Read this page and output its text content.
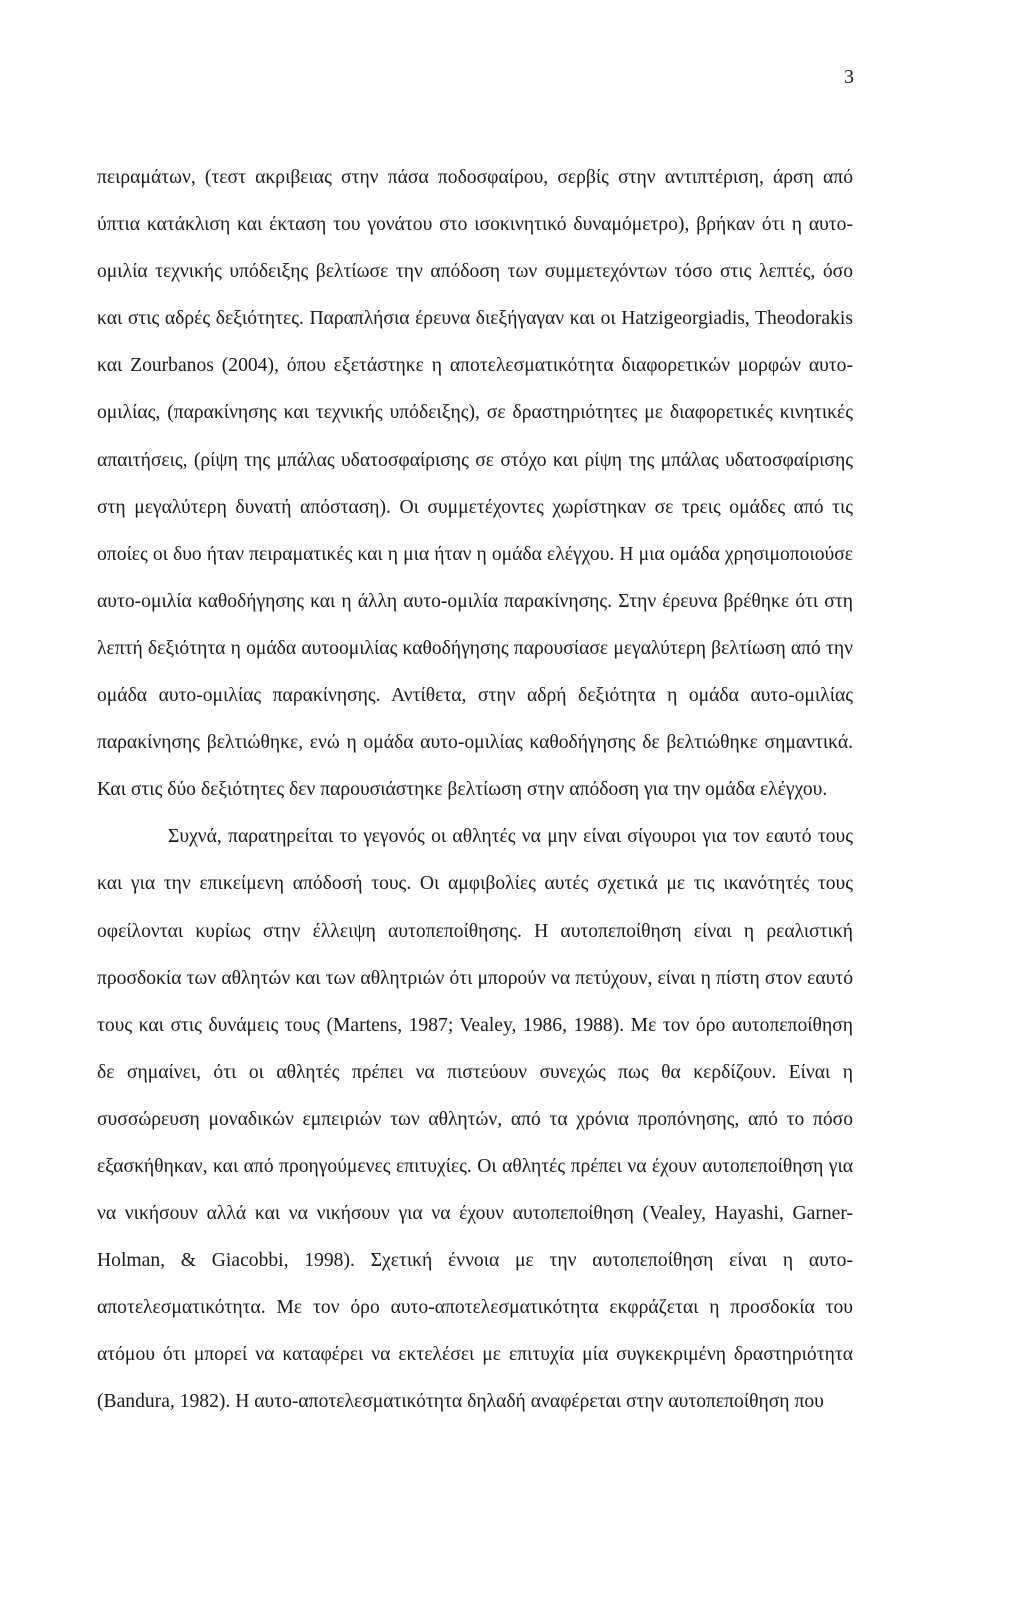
3

πειραμάτων, (τεστ ακριβειας στην πάσα ποδοσφαίρου, σερβίς στην αντιπτέριση, άρση από ύπτια κατάκλιση και έκταση του γονάτου στο ισοκινητικό δυναμόμετρο), βρήκαν ότι η αυτο-ομιλία τεχνικής υπόδειξης βελτίωσε την απόδοση των συμμετεχόντων τόσο στις λεπτές, όσο και στις αδρές δεξιότητες. Παραπλήσια έρευνα διεξήγαγαν και οι Hatzigeorgiadis, Theodorakis και Zourbanos (2004), όπου εξετάστηκε η αποτελεσματικότητα διαφορετικών μορφών αυτο-ομιλίας, (παρακίνησης και τεχνικής υπόδειξης), σε δραστηριότητες με διαφορετικές κινητικές απαιτήσεις, (ρίψη της μπάλας υδατοσφαίρισης σε στόχο και ρίψη της μπάλας υδατοσφαίρισης στη μεγαλύτερη δυνατή απόσταση). Οι συμμετέχοντες χωρίστηκαν σε τρεις ομάδες από τις οποίες οι δυο ήταν πειραματικές και η μια ήταν η ομάδα ελέγχου. Η μια ομάδα χρησιμοποιούσε αυτο-ομιλία καθοδήγησης και η άλλη αυτο-ομιλία παρακίνησης. Στην έρευνα βρέθηκε ότι στη λεπτή δεξιότητα η ομάδα αυτοομιλίας καθοδήγησης παρουσίασε μεγαλύτερη βελτίωση από την ομάδα αυτο-ομιλίας παρακίνησης. Αντίθετα, στην αδρή δεξιότητα η ομάδα αυτο-ομιλίας παρακίνησης βελτιώθηκε, ενώ η ομάδα αυτο-ομιλίας καθοδήγησης δε βελτιώθηκε σημαντικά. Και στις δύο δεξιότητες δεν παρουσιάστηκε βελτίωση στην απόδοση για την ομάδα ελέγχου.

Συχνά, παρατηρείται το γεγονός οι αθλητές να μην είναι σίγουροι για τον εαυτό τους και για την επικείμενη απόδοσή τους. Οι αμφιβολίες αυτές σχετικά με τις ικανότητές τους οφείλονται κυρίως στην έλλειψη αυτοπεποίθησης. Η αυτοπεποίθηση είναι η ρεαλιστική προσδοκία των αθλητών και των αθλητριών ότι μπορούν να πετύχουν, είναι η πίστη στον εαυτό τους και στις δυνάμεις τους (Martens, 1987; Vealey, 1986, 1988). Με τον όρο αυτοπεποίθηση δε σημαίνει, ότι οι αθλητές πρέπει να πιστεύουν συνεχώς πως θα κερδίζουν. Είναι η συσσώρευση μοναδικών εμπειριών των αθλητών, από τα χρόνια προπόνησης, από το πόσο εξασκήθηκαν, και από προηγούμενες επιτυχίες. Οι αθλητές πρέπει να έχουν αυτοπεποίθηση για να νικήσουν αλλά και να νικήσουν για να έχουν αυτοπεποίθηση (Vealey, Hayashi, Garner-Holman, & Giacobbi, 1998). Σχετική έννοια με την αυτοπεποίθηση είναι η αυτο-αποτελεσματικότητα. Με τον όρο αυτο-αποτελεσματικότητα εκφράζεται η προσδοκία του ατόμου ότι μπορεί να καταφέρει να εκτελέσει με επιτυχία μία συγκεκριμένη δραστηριότητα (Bandura, 1982). Η αυτο-αποτελεσματικότητα δηλαδή αναφέρεται στην αυτοπεποίθηση που
